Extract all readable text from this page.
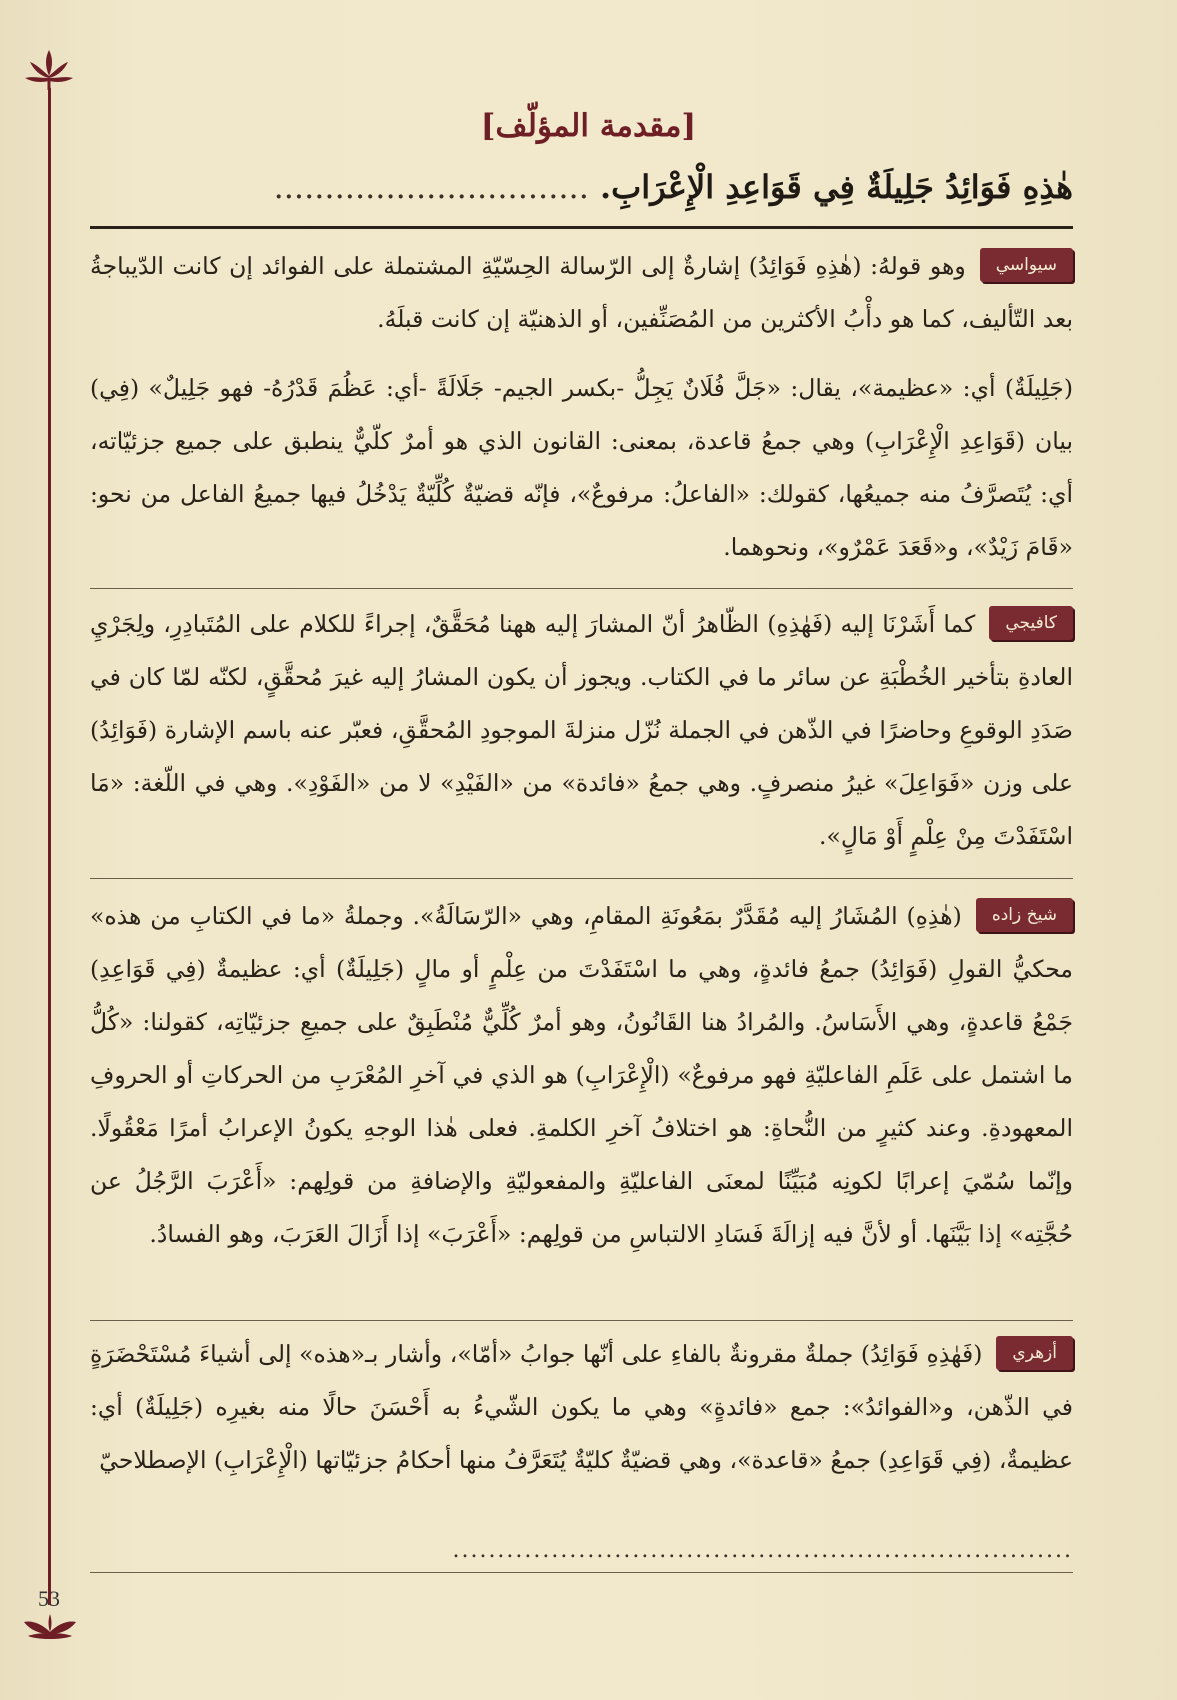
53
[مقدمة المؤلّف]
هٰذِهِ فَوَائِدُ جَلِيلَةٌ فِي قَوَاعِدِ الْإِعْرَابِ. ...............................
سيواسي

وهو قولهُ: (هٰذِهِ فَوَائِدُ) إشارةٌ إلى الرّسالة الحِسّيّةِ المشتملة على الفوائد إن كانت الدّيباجةُ بعد التّأليف، كما هو دأْبُ الأكثرين من المُصَنِّفين، أو الذهنيّة إن كانت قبلَهُ.

(جَلِيلَةٌ) أي: «عظيمة»، يقال: «جَلَّ فُلَانٌ يَجِلُّ -بكسر الجيم- جَلَالَةً -أي: عَظُمَ قَدْرُهُ- فهو جَلِيلٌ» (فِي) بيان (قَوَاعِدِ الْإِعْرَابِ) وهي جمعُ قاعدة، بمعنى: القانون الذي هو أمرٌ كلّيٌّ ينطبق على جميع جزئيّاته، أي: يُتَصرَّفُ منه جميعُها، كقولك: «الفاعلُ: مرفوعٌ»، فإنّه قضيّةٌ كُلِّيّةٌ يَدْخُلُ فيها جميعُ الفاعل من نحو: «قَامَ زَيْدٌ»، و«قَعَدَ عَمْرٌو»، ونحوهما.

كافيجي

كما أَشَرْنَا إليه (فَهٰذِهِ) الظّاهرُ أنّ المشارَ إليه ههنا مُحَقَّقٌ، إجراءً للكلام على المُتَبادِرِ، ولِجَرْيِ العادةِ بتأخير الخُطْبَةِ عن سائر ما في الكتاب. ويجوز أن يكون المشارُ إليه غيرَ مُحقَّقٍ، لكنّه لمّا كان في صَدَدِ الوقوعِ وحاضرًا في الذّهن في الجملة نُزّل منزلةَ الموجودِ المُحقَّقِ، فعبّر عنه باسم الإشارة (فَوَائِدُ) على وزن «فَوَاعِلَ» غيرُ منصرفٍ. وهي جمعُ «فائدة» من «الفَيْدِ» لا من «الفَوْدِ». وهي في اللّغة: «مَا اسْتَفَدْتَ مِنْ عِلْمٍ أَوْ مَالٍ».

شيخ زاده

(هٰذِهِ) المُشَارُ إليه مُقَدَّرٌ بمَعُونَةِ المقامِ، وهي «الرّسَالَةُ». وجملةُ «ما في الكتابِ من هذه» محكيُّ القولِ (فَوَائِدُ) جمعُ فائدةٍ، وهي ما اسْتَفَدْتَ من عِلْمٍ أو مالٍ (جَلِيلَةٌ) أي: عظيمةٌ (فِي قَوَاعِدِ) جَمْعُ قاعدةٍ، وهي الأَسَاسُ. والمُرادُ هنا القَانُونُ، وهو أمرٌ كُلِّيٌّ مُنْطَبِقٌ على جميعِ جزئيّاتِه، كقولنا: «كُلُّ ما اشتمل على عَلَمِ الفاعليّةِ فهو مرفوعٌ» (الْإِعْرَابِ) هو الذي في آخرِ المُعْرَبِ من الحركاتِ أو الحروفِ المعهودةِ. وعند كثيرٍ من النُّحاةِ: هو اختلافُ آخرِ الكلمةِ. فعلى هٰذا الوجهِ يكونُ الإعرابُ أمرًا مَعْقُولًا. وإنّما سُمّيَ إعرابًا لكونِه مُبَيِّنًا لمعنَى الفاعليّةِ والمفعوليّةِ والإضافةِ من قولِهم: «أَعْرَبَ الرَّجُلُ عن حُجَّتِه» إذا بَيَّنَها. أو لأنَّ فيه إزالَةَ فَسَادِ الالتباسِ من قولِهم: «أَعْرَبَ» إذا أَزَالَ العَرَبَ، وهو الفسادُ.

أزهري

(فَهٰذِهِ فَوَائِدُ) جملةٌ مقرونةٌ بالفاءِ على أنّها جوابُ «أمّا»، وأشار بـ«هذه» إلى أشياءَ مُسْتَحْضَرَةٍ في الذّهن، و«الفوائدُ»: جمع «فائدةٍ» وهي ما يكون الشّيءُ به أَحْسَنَ حالًا منه بغيرِه (جَلِيلَةٌ) أي: عظيمةٌ، (فِي قَوَاعِدِ) جمعُ «قاعدة»، وهي قضيّةٌ كليّةٌ يُتَعَرَّفُ منها أحكامُ جزئيّاتها (الْإِعْرَابِ) الإصطلاحيّ

.....................................................................
